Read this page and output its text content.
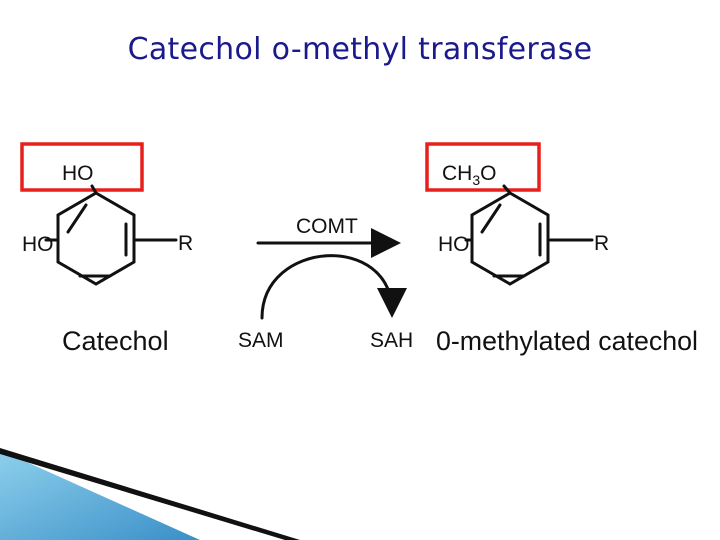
Catechol o-methyl transferase
HO
HO	R
Catechol
COMT
SAM	SAH
CH3O
HO	R
0-methylated catechol
